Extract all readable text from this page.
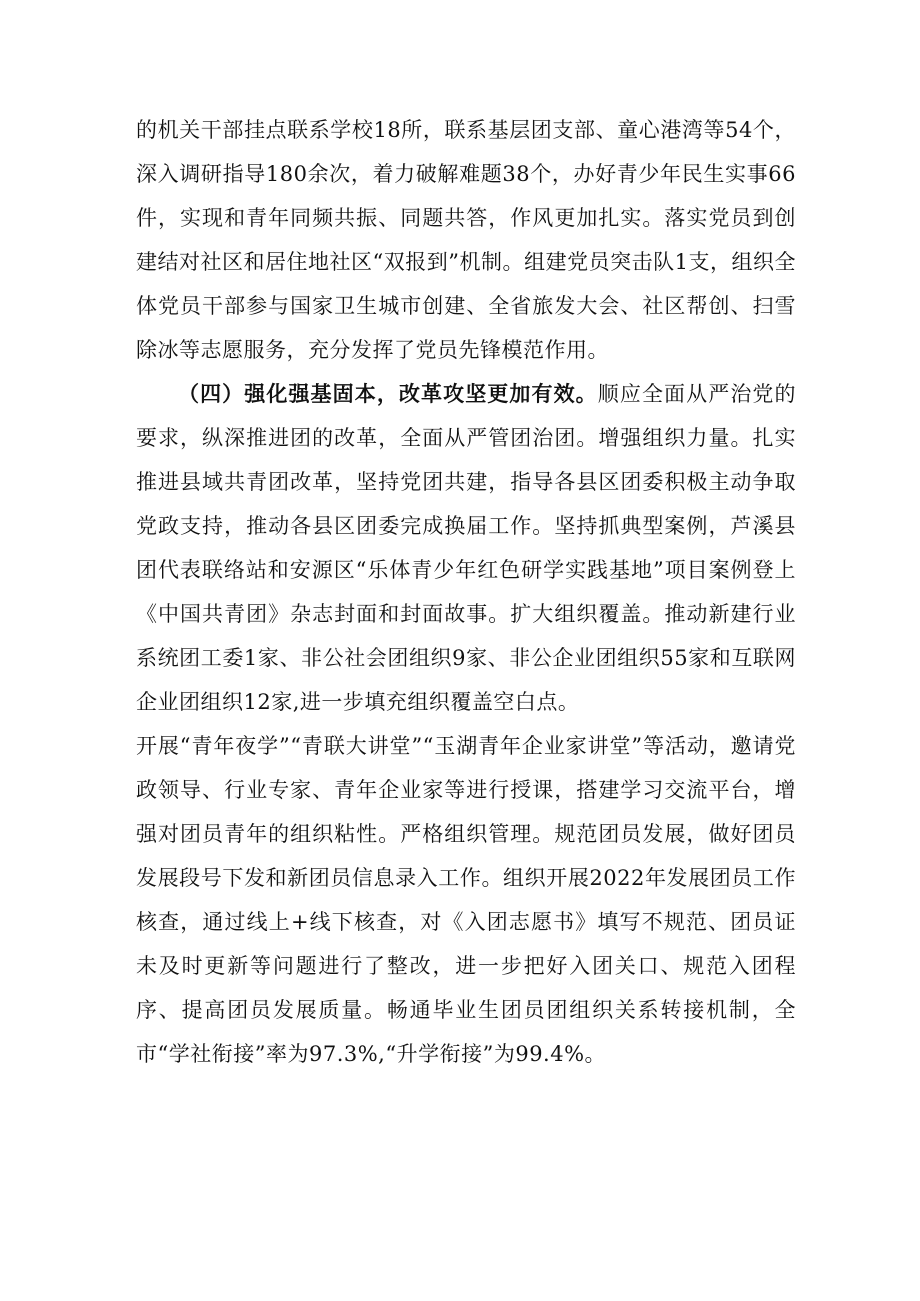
的机关干部挂点联系学校18所，联系基层团支部、童心港湾等54个，深入调研指导180余次，着力破解难题38个，办好青少年民生实事66件，实现和青年同频共振、同题共答，作风更加扎实。落实党员到创建结对社区和居住地社区“双报到”机制。组建党员突击队1支，组织全体党员干部参与国家卫生城市创建、全省旅发大会、社区帮创、扫雪除冰等志愿服务，充分发挥了党员先锋模范作用。

（四）强化强基固本，改革攻坚更加有效。顺应全面从严治党的要求，纵深推进团的改革，全面从严管团治团。增强组织力量。扎实推进县域共青团改革，坚持党团共建，指导各县区团委积极主动争取党政支持，推动各县区团委完成换届工作。坚持抓典型案例，芦溪县团代表联络站和安源区“乐体青少年红色研学实践基地”项目案例登上《中国共青团》杂志封面和封面故事。扩大组织覆盖。推动新建行业系统团工委1家、非公社会团组织9家、非公企业团组织55家和互联网企业团组织12家,进一步填充组织覆盖空白点。

开展“青年夜学”“青联大讲堂”“玉湖青年企业家讲堂”等活动，邀请党政领导、行业专家、青年企业家等进行授课，搭建学习交流平台，增强对团员青年的组织粘性。严格组织管理。规范团员发展，做好团员发展段号下发和新团员信息录入工作。组织开展2022年发展团员工作核查，通过线上+线下核查，对《入团志愿书》填写不规范、团员证未及时更新等问题进行了整改，进一步把好入团关口、规范入团程序、提高团员发展质量。畅通毕业生团员团组织关系转接机制，全市“学社衔接”率为97.3%,“升学衔接”为99.4%。
